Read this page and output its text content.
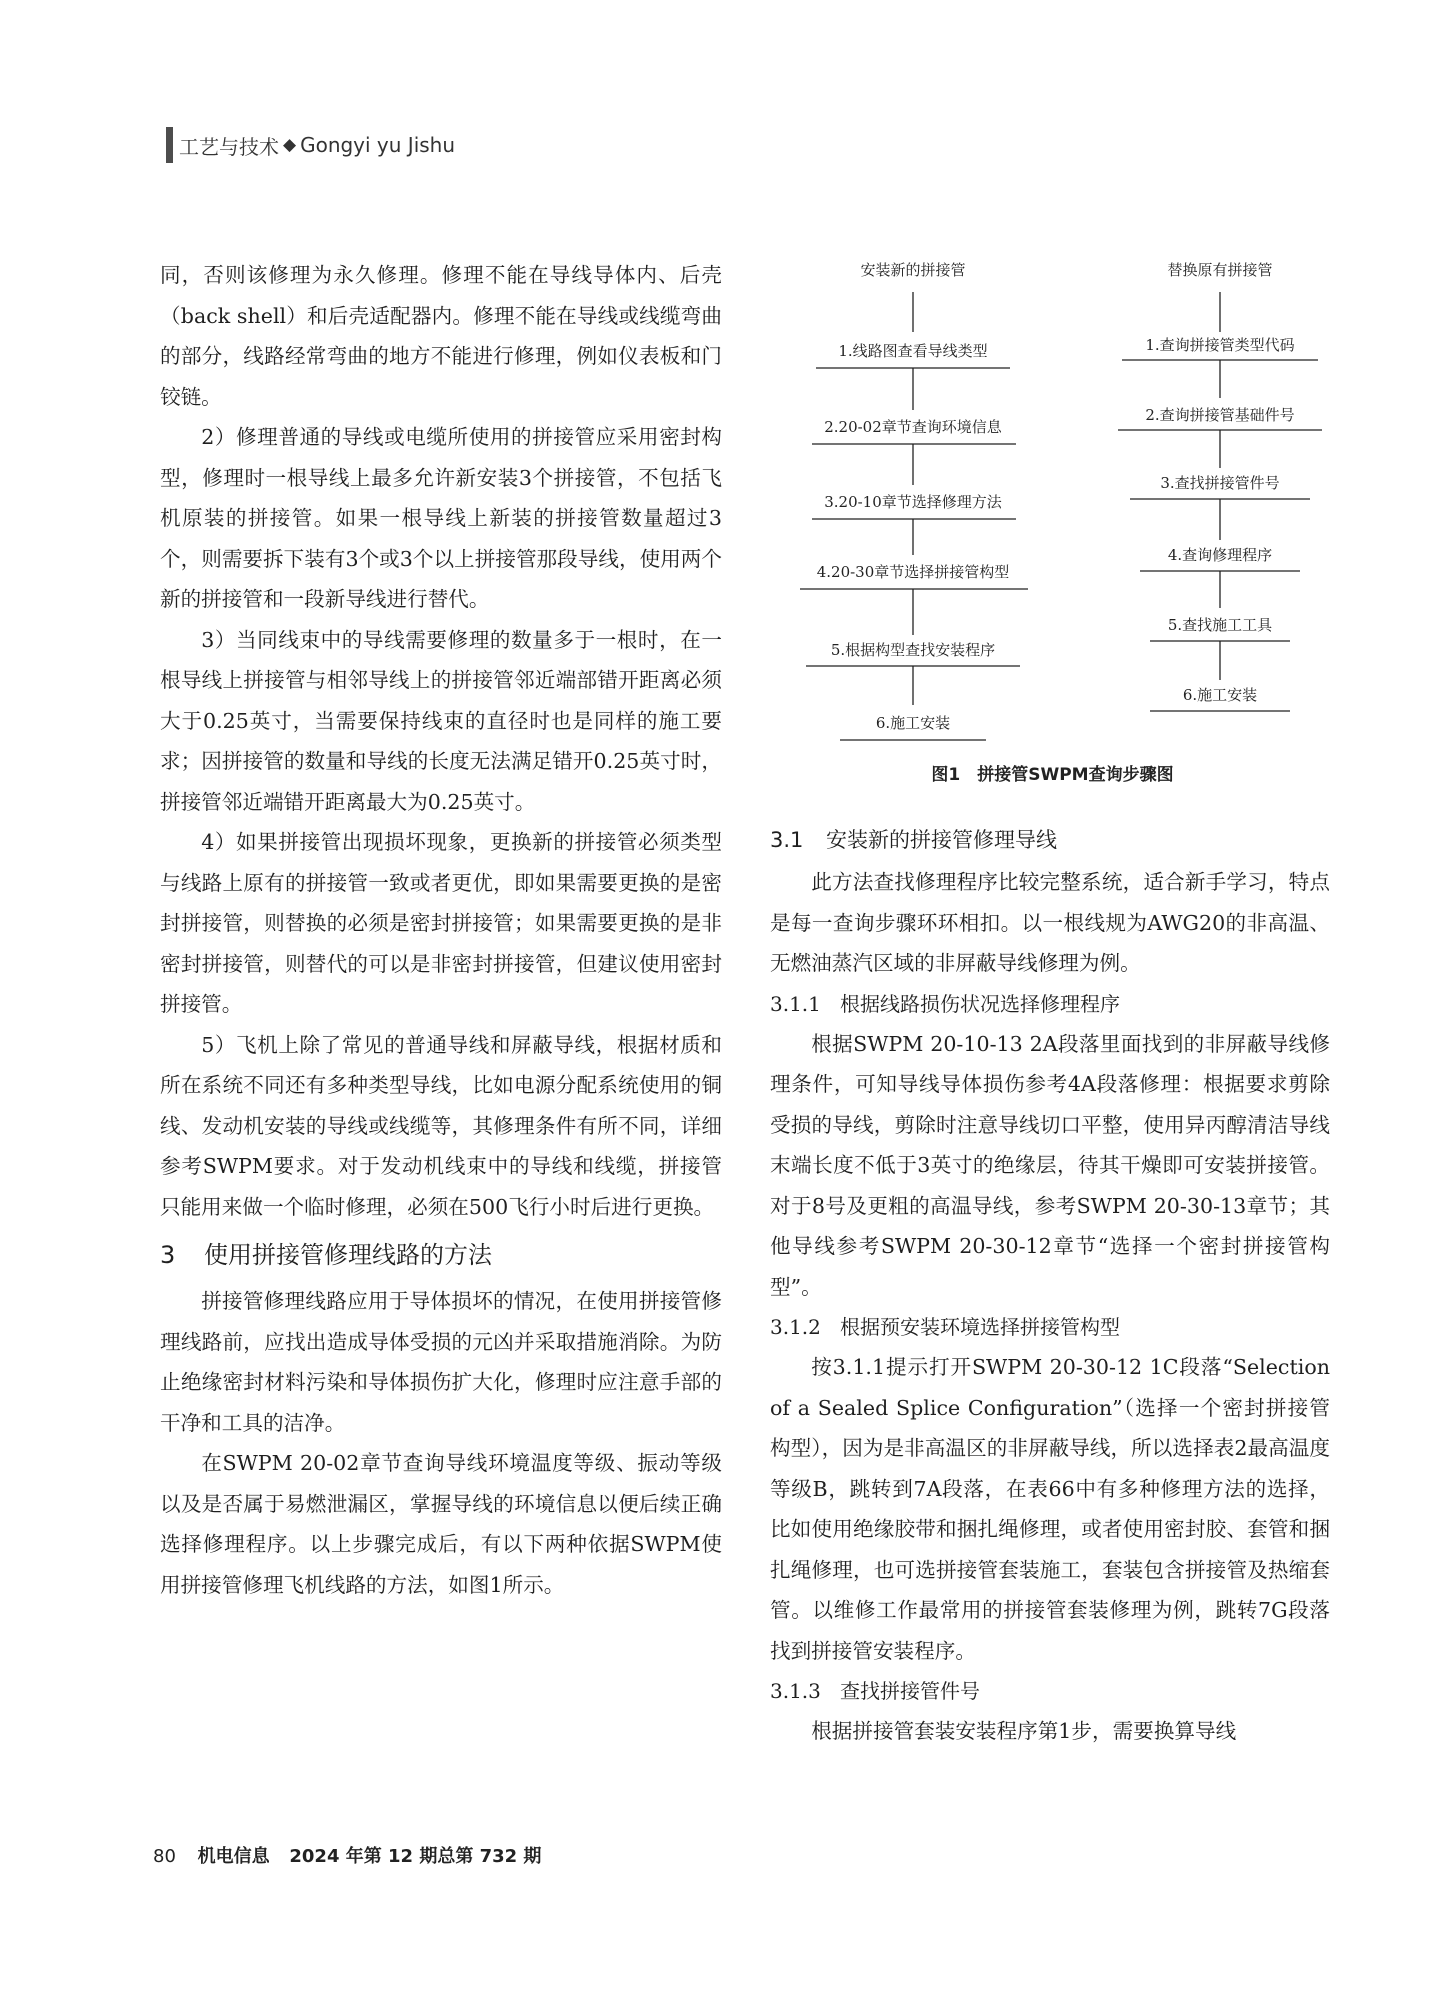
工艺与技术 ◆ Gongyi yu Jishu

同，否则该修理为永久修理。修理不能在导线导体内、后壳（back shell）和后壳适配器内。修理不能在导线或线缆弯曲的部分，线路经常弯曲的地方不能进行修理，例如仪表板和门铰链。

2）修理普通的导线或电缆所使用的拼接管应采用密封构型，修理时一根导线上最多允许新安装3个拼接管，不包括飞机原装的拼接管。如果一根导线上新装的拼接管数量超过3个，则需要拆下装有3个或3个以上拼接管那段导线，使用两个新的拼接管和一段新导线进行替代。

3）当同线束中的导线需要修理的数量多于一根时，在一根导线上拼接管与相邻导线上的拼接管邻近端部错开距离必须大于0.25英寸，当需要保持线束的直径时也是同样的施工要求；因拼接管的数量和导线的长度无法满足错开0.25英寸时，拼接管邻近端错开距离最大为0.25英寸。

4）如果拼接管出现损坏现象，更换新的拼接管必须类型与线路上原有的拼接管一致或者更优，即如果需要更换的是密封拼接管，则替换的必须是密封拼接管；如果需要更换的是非密封拼接管，则替代的可以是非密封拼接管，但建议使用密封拼接管。

5）飞机上除了常见的普通导线和屏蔽导线，根据材质和所在系统不同还有多种类型导线，比如电源分配系统使用的铜线、发动机安装的导线或线缆等，其修理条件有所不同，详细参考SWPM要求。对于发动机线束中的导线和线缆，拼接管只能用来做一个临时修理，必须在500飞行小时后进行更换。

3 使用拼接管修理线路的方法

拼接管修理线路应用于导体损坏的情况，在使用拼接管修理线路前，应找出造成导体受损的元凶并采取措施消除。为防止绝缘密封材料污染和导体损伤扩大化，修理时应注意手部的干净和工具的洁净。

在SWPM 20-02章节查询导线环境温度等级、振动等级以及是否属于易燃泄漏区，掌握导线的环境信息以便后续正确选择修理程序。以上步骤完成后，有以下两种依据SWPM使用拼接管修理飞机线路的方法，如图1所示。

安装新的拼接管
1.线路图查看导线类型
2.20-02章节查询环境信息
3.20-10章节选择修理方法
4.20-30章节选择拼接管构型
5.根据构型查找安装程序
6.施工安装
替换原有拼接管
1.查询拼接管类型代码
2.查询拼接管基础件号
3.查找拼接管件号
4.查询修理程序
5.查找施工工具
6.施工安装
图1　拼接管SWPM查询步骤图
3.1 安装新的拼接管修理导线

此方法查找修理程序比较完整系统，适合新手学习，特点是每一查询步骤环环相扣。以一根线规为AWG20的非高温、无燃油蒸汽区域的非屏蔽导线修理为例。

3.1.1 根据线路损伤状况选择修理程序

根据SWPM 20-10-13 2A段落里面找到的非屏蔽导线修理条件，可知导线导体损伤参考4A段落修理：根据要求剪除受损的导线，剪除时注意导线切口平整，使用异丙醇清洁导线末端长度不低于3英寸的绝缘层，待其干燥即可安装拼接管。对于8号及更粗的高温导线，参考SWPM 20-30-13章节；其他导线参考SWPM 20-30-12章节“选择一个密封拼接管构型”。

3.1.2 根据预安装环境选择拼接管构型

按3.1.1提示打开SWPM 20-30-12 1C段落“Selection of a Sealed Splice Configuration”（选择一个密封拼接管构型），因为是非高温区的非屏蔽导线，所以选择表2最高温度等级B，跳转到7A段落，在表66中有多种修理方法的选择，比如使用绝缘胶带和捆扎绳修理，或者使用密封胶、套管和捆扎绳修理，也可选拼接管套装施工，套装包含拼接管及热缩套管。以维修工作最常用的拼接管套装修理为例，跳转7G段落找到拼接管安装程序。

3.1.3 查找拼接管件号

根据拼接管套装安装程序第1步，需要换算导线

80 机电信息 2024 年第 12 期总第 732 期
